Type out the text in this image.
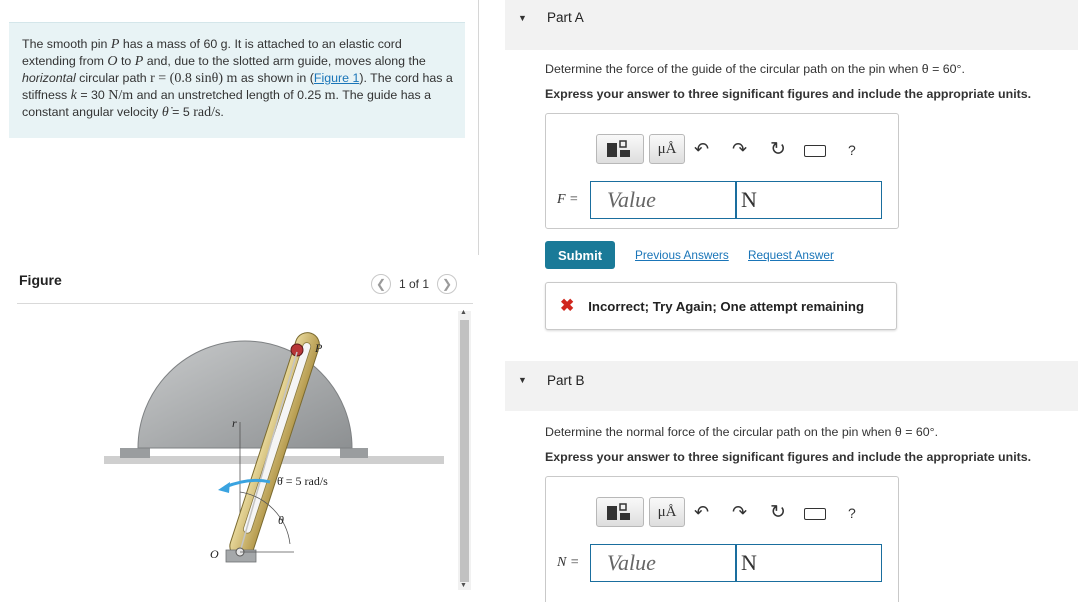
The smooth pin P has a mass of 60 g. It is attached to an elastic cord extending from O to P and, due to the slotted arm guide, moves along the horizontal circular path r = (0.8 sinθ) m as shown in (Figure 1). The cord has a stiffness k = 30 N/m and an unstretched length of 0.25 m. The guide has a constant angular velocity θ̇ = 5 rad/s.

Figure	❮ 1 of 1 ❯
P
r
θ̇ = 5 rad/s
θ
O
▲
▼
▼ Part A
Determine the force of the guide of the circular path on the pin when θ = 60°.
Express your answer to three significant figures and include the appropriate units.
μÅ ↶ ↷ ↻	?
F =	Value	N
Submit	Previous Answers Request Answer
✖ Incorrect; Try Again; One attempt remaining
▼ Part B
Determine the normal force of the circular path on the pin when θ = 60°.
Express your answer to three significant figures and include the appropriate units.
μÅ ↶ ↷ ↻	?
N =	Value	N
